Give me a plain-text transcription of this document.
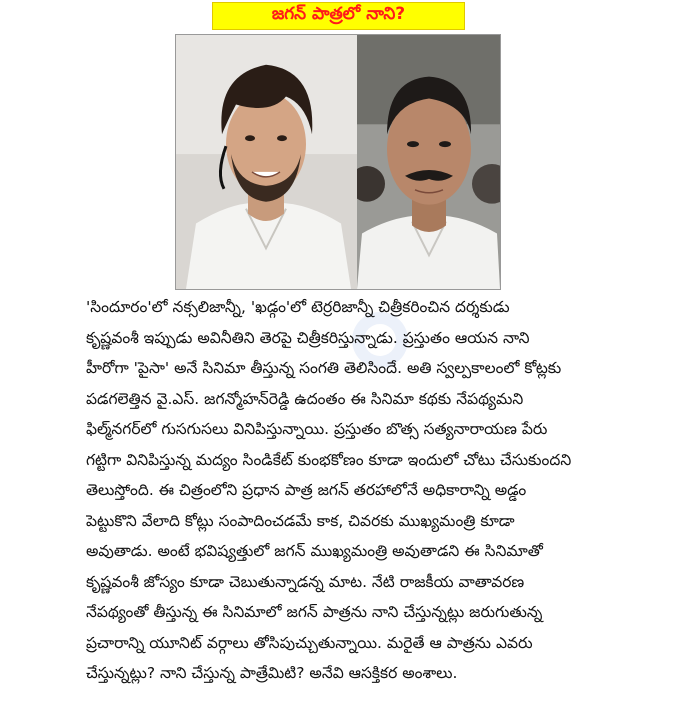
జగన్ పాత్రలో నాని?

'సిందూరం'లో నక్సలిజాన్నీ, 'ఖడ్గం'లో టెర్రరిజాన్నీ చిత్రీకరించిన దర్శకుడు

కృష్ణవంశీ ఇప్పుడు అవినీతిని తెరపై చిత్రీకరిస్తున్నాడు. ప్రస్తుతం ఆయన నాని

హీరోగా 'పైసా' అనే సినిమా తీస్తున్న సంగతి తెలిసిందే. అతి స్వల్పకాలంలో కోట్లకు

పడగలెత్తిన వై.ఎస్. జగన్మోహన్‌రెడ్డి ఉదంతం ఈ సినిమా కథకు నేపథ్యమని

ఫిల్మ్‌నగర్‌లో గుసగుసలు వినిపిస్తున్నాయి. ప్రస్తుతం బొత్స సత్యనారాయణ పేరు

గట్టిగా వినిపిస్తున్న మద్యం సిండికేట్ కుంభకోణం కూడా ఇందులో చోటు చేసుకుందని

తెలుస్తోంది. ఈ చిత్రంలోని ప్రధాన పాత్ర జగన్ తరహాలోనే అధికారాన్ని అడ్డం

పెట్టుకొని వేలాది కోట్లు సంపాదించడమే కాక, చివరకు ముఖ్యమంత్రి కూడా

అవుతాడు. అంటే భవిష్యత్తులో జగన్ ముఖ్యమంత్రి అవుతాడని ఈ సినిమాతో

కృష్ణవంశీ జోస్యం కూడా చెబుతున్నాడన్న మాట. నేటి రాజకీయ వాతావరణ

నేపథ్యంతో తీస్తున్న ఈ సినిమాలో జగన్ పాత్రను నాని చేస్తున్నట్లు జరుగుతున్న

ప్రచారాన్ని యూనిట్ వర్గాలు తోసిపుచ్చుతున్నాయి. మరైతే ఆ పాత్రను ఎవరు

చేస్తున్నట్లు? నాని చేస్తున్న పాత్రేమిటి? అనేవి ఆసక్తికర అంశాలు.
